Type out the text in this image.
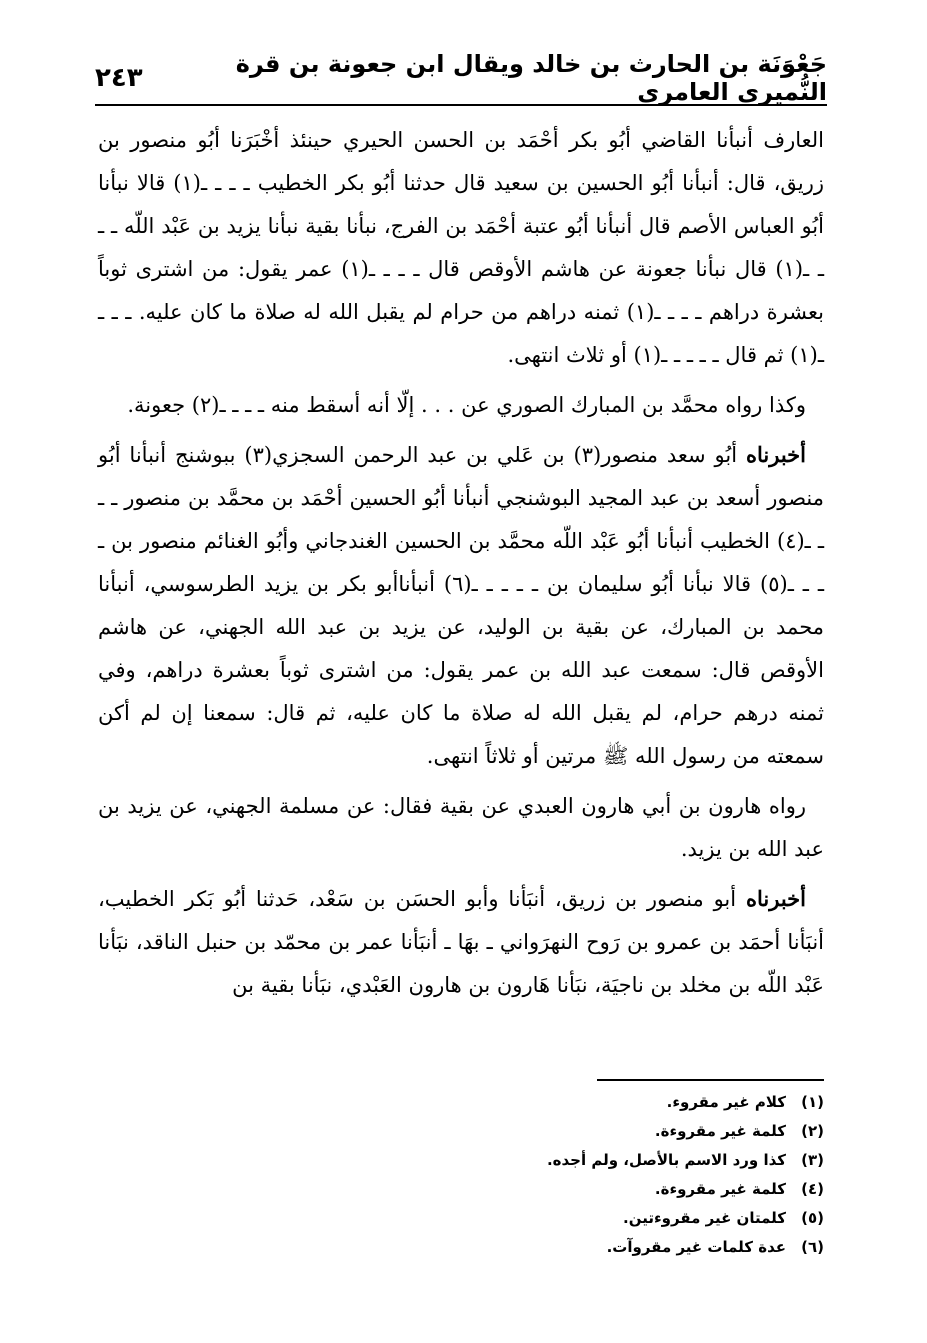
٢٤٣	جَعْوَنَة بن الحارث بن خالد ويقال ابن جعونة بن قرة النُّميري العامري

العارف أنبأنا القاضي أبُو بكر أحْمَد بن الحسن الحيري حينئذ أخْبَرَنا أبُو منصور بن زريق، قال: أنبأنا أبُو الحسين بن سعيد قال حدثنا أبُو بكر الخطيب ـ ـ ـ ـ(١) قالا نبأنا أبُو العباس الأصم قال أنبأنا أبُو عتبة أحْمَد بن الفرج، نبأنا بقية نبأنا يزيد بن عَبْد اللّه ـ ـ ـ ـ(١) قال نبأنا جعونة عن هاشم الأوقص قال ـ ـ ـ ـ(١) عمر يقول: من اشترى ثوباً بعشرة دراهم ـ ـ ـ ـ(١) ثمنه دراهم من حرام لم يقبل الله له صلاة ما كان عليه. ـ ـ ـ ـ(١) ثم قال ـ ـ ـ ـ ـ(١) أو ثلاث انتهى.

وكذا رواه محمَّد بن المبارك الصوري عن . . . إلّا أنه أسقط منه ـ ـ ـ ـ(٢) جعونة.

أخبرناه أبُو سعد منصور(٣) بن عَلي بن عبد الرحمن السجزي(٣) ببوشنج أنبأنا أبُو منصور أسعد بن عبد المجيد البوشنجي أنبأنا أبُو الحسين أحْمَد بن محمَّد بن منصور ـ ـ ـ ـ(٤) الخطيب أنبأنا أبُو عَبْد اللّه محمَّد بن الحسين الغندجاني وأبُو الغنائم منصور بن ـ ـ ـ ـ(٥) قالا نبأنا أبُو سليمان بن ـ ـ ـ ـ ـ(٦) أنبأناأبو بكر بن يزيد الطرسوسي، أنبأنا محمد بن المبارك، عن بقية بن الوليد، عن يزيد بن عبد الله الجهني، عن هاشم الأوقص قال: سمعت عبد الله بن عمر يقول: من اشترى ثوباً بعشرة دراهم، وفي ثمنه درهم حرام، لم يقبل الله له صلاة ما كان عليه، ثم قال: سمعنا إن لم أكن سمعته من رسول الله ﷺ مرتين أو ثلاثاً انتهى.

رواه هارون بن أبي هارون العبدي عن بقية فقال: عن مسلمة الجهني، عن يزيد بن عبد الله بن يزيد.

أخبرناه أبو منصور بن زريق، أنبَأنا وأبو الحسَن بن سَعْد، حَدثنا أبُو بَكر الخطيب، أنبَأنا أحمَد بن عمرو بن رَوح النهرَواني ـ بهَا ـ أنبَأنا عمر بن محمّد بن حنبل الناقد، نبَأنا عَبْد اللّه بن مخلد بن ناجيَة، نبَأنا هَارون بن هارون العَبْدي، نبَأنا بقية بن

(١)
كلام غير مقروء.
(٢)
كلمة غير مقروءة.
(٣)
كذا ورد الاسم بالأصل، ولم أجده.
(٤)
كلمة غير مقروءة.
(٥)
كلمتان غير مقروءتين.
(٦)
عدة كلمات غير مقروآت.
